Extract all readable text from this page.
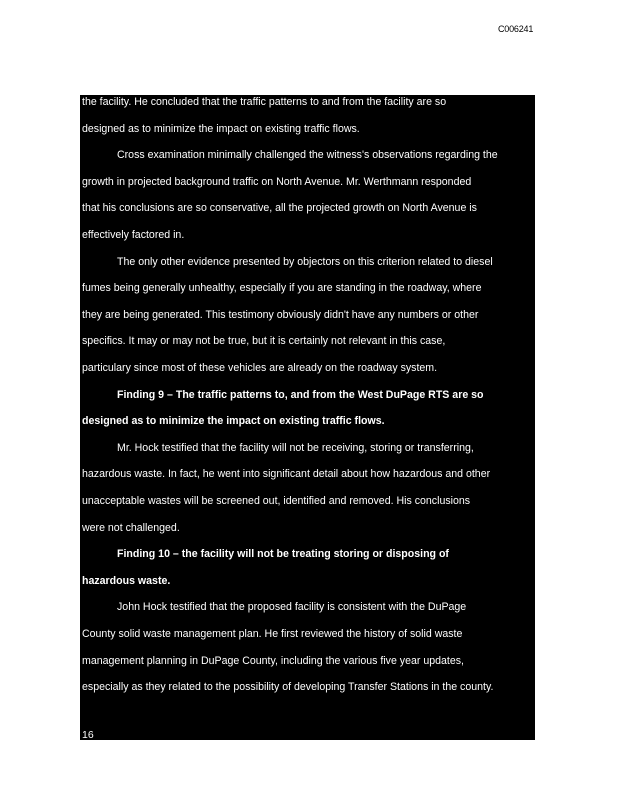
C006241
16
the facility. He concluded that the traffic patterns to and from the facility are so
designed as to minimize the impact on existing traffic flows.
Cross examination minimally challenged the witness's observations regarding the
growth in projected background traffic on North Avenue. Mr. Werthmann responded
that his conclusions are so conservative, all the projected growth on North Avenue is
effectively factored in.
The only other evidence presented by objectors on this criterion related to diesel
fumes being generally unhealthy, especially if you are standing in the roadway, where
they are being generated. This testimony obviously didn't have any numbers or other
specifics. It may or may not be true, but it is certainly not relevant in this case,
particulary since most of these vehicles are already on the roadway system.
Finding 9 – The traffic patterns to, and from the West DuPage RTS are so
designed as to minimize the impact on existing traffic flows.
Mr. Hock testified that the facility will not be receiving, storing or transferring,
hazardous waste. In fact, he went into significant detail about how hazardous and other
unacceptable wastes will be screened out, identified and removed. His conclusions
were not challenged.
Finding 10 – the facility will not be treating storing or disposing of
hazardous waste.
John Hock testified that the proposed facility is consistent with the DuPage
County solid waste management plan. He first reviewed the history of solid waste
management planning in DuPage County, including the various five year updates,
especially as they related to the possibility of developing Transfer Stations in the county.
